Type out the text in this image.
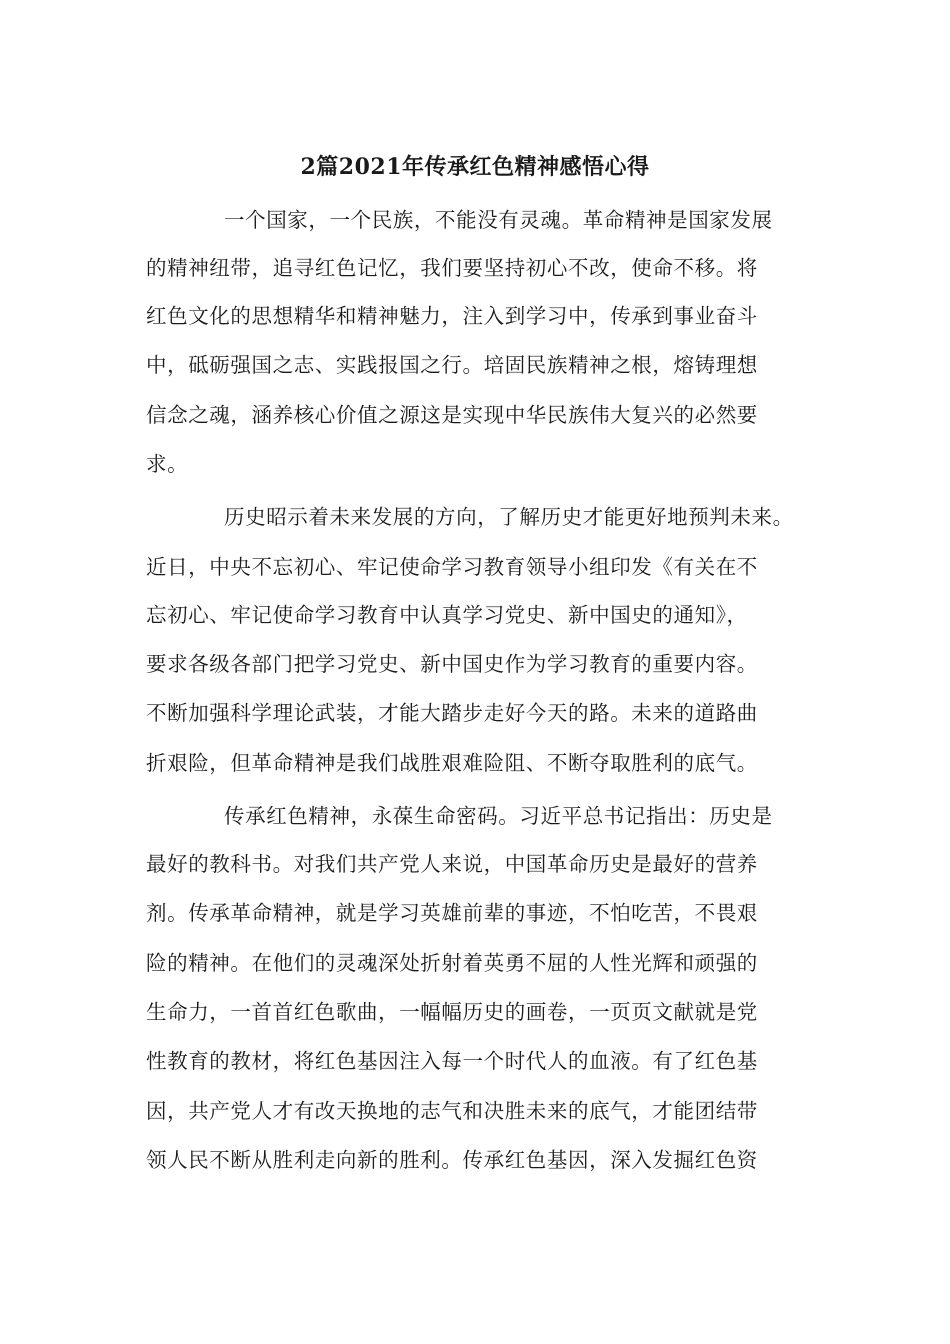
2篇2021年传承红色精神感悟心得
一个国家，一个民族，不能没有灵魂。革命精神是国家发展
的精神纽带，追寻红色记忆，我们要坚持初心不改，使命不移。将
红色文化的思想精华和精神魅力，注入到学习中，传承到事业奋斗
中，砥砺强国之志、实践报国之行。培固民族精神之根，熔铸理想
信念之魂，涵养核心价值之源这是实现中华民族伟大复兴的必然要
求。
历史昭示着未来发展的方向，了解历史才能更好地预判未来。
近日，中央不忘初心、牢记使命学习教育领导小组印发《有关在不
忘初心、牢记使命学习教育中认真学习党史、新中国史的通知》，
要求各级各部门把学习党史、新中国史作为学习教育的重要内容。
不断加强科学理论武装，才能大踏步走好今天的路。未来的道路曲
折艰险，但革命精神是我们战胜艰难险阻、不断夺取胜利的底气。
传承红色精神，永葆生命密码。习近平总书记指出：历史是
最好的教科书。对我们共产党人来说，中国革命历史是最好的营养
剂。传承革命精神，就是学习英雄前辈的事迹，不怕吃苦，不畏艰
险的精神。在他们的灵魂深处折射着英勇不屈的人性光辉和顽强的
生命力，一首首红色歌曲，一幅幅历史的画卷，一页页文献就是党
性教育的教材，将红色基因注入每一个时代人的血液。有了红色基
因，共产党人才有改天换地的志气和决胜未来的底气，才能团结带
领人民不断从胜利走向新的胜利。传承红色基因，深入发掘红色资
